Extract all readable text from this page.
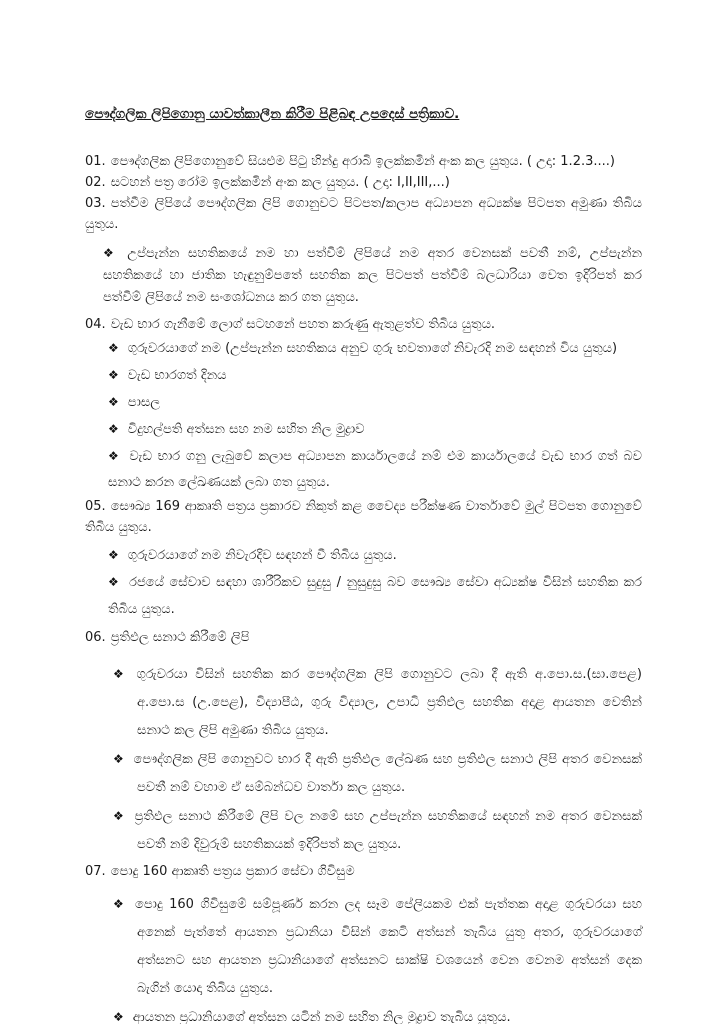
පෞද්ගලික ලිපිගොනු යාවත්කාලීන කිරීම පිළිබඳ උපදෙස් පත්‍රිකාව.

01. පෞද්ගලික ලිපිගොනුවේ සියළුම පිටු හින්දු අරාබි ඉලක්කමින් අංක කල යුතුය. ( උදා: 1.2.3....)

02. සටහන් පත්‍ර රෝම ඉලක්කමින් අංක කල යුතුය. ( උදා: I,II,III,...)

03. පත්වීම ලිපියේ පෞද්ගලික ලිපි ගොනුවට පිටපත/කලාප අධ්‍යාපන අධ්‍යක්ෂ පිටපත අමුණා තිබිය යුතුය.

❖ උප්පැන්න සහතිකයේ නම හා පත්වීම් ලිපියේ නම අතර වෙනසක් පවතී නම්, උප්පැන්න සහතිකයේ හා ජාතික හැඳුනුම්පතේ සහතික කල පිටපත් පත්වීම් බලධාරියා වෙත ඉදිරිපත් කර පත්වීම් ලිපියේ නම සංශෝධනය කර ගත යුතුය.

04. වැඩ භාර ගැනීමේ ලොග් සටහනේ පහත කරුණු ඇතුළත්ව තිබිය යුතුය.

❖ ගුරුවරයාගේ නම (උප්පැන්න සහතිකය අනුව ගුරු භවතාගේ නිවැරදි නම සඳහන් විය යුතුය)

❖ වැඩ භාරගත් දිනය

❖ පාසල

❖ විදුහල්පති අත්සන සහ නම සහිත නිල මුද්‍රාව

❖ වැඩ භාර ගනු ලැබුවේ කලාප අධ්‍යාපන කාර්යාලයේ නම් එම කාර්යාලයේ වැඩ භාර ගත් බව සනාථ කරන ලේඛණයක් ලබා ගත යුතුය.

05. සෞඛ්‍ය 169 ආකෘති පත්‍රය ප්‍රකාරව නිකුත් කළ වෛද්‍ය පරීක්ෂණ වාර්තාවේ මුල් පිටපත ගොනුවේ තිබිය යුතුය.

❖ ගුරුවරයාගේ නම නිවැරදිව සඳහන් වී තිබිය යුතුය.

❖ රජයේ සේවාව සඳහා ශාරීරිකව සුදුසු / නුසුදුසු බව සෞඛ්‍ය සේවා අධ්‍යක්ෂ විසින් සහතික කර තිබිය යුතුය.

06. ප්‍රතිඵල සනාථ කිරීමේ ලිපි

❖ ගුරුවරයා විසින් සහතික කර පෞද්ගලික ලිපි ගොනුවට ලබා දී ඇති අ.පො.ස.(සා.පෙළ) අ.පො.ස (උ.පෙළ), විද්‍යාපීඨ, ගුරු විද්‍යාල, උපාධි ප්‍රතිඵල සහතික අදාළ ආයතන වෙතින් සනාථ කල ලිපි අමුණා තිබිය යුතුය.

❖ පෞද්ගලික ලිපි ගොනුවට භාර දී ඇති ප්‍රතිඵල ලේඛණ සහ ප්‍රතිඵල සනාථ ලිපි අතර වෙනසක් පවතී නම් වහාම ඒ සම්බන්ධව වාර්තා කල යුතුය.

❖ ප්‍රතිඵල සනාථ කිරීමේ ලිපි වල නමේ සහ උප්පැන්න සහතිකයේ සඳහන් නම අතර වෙනසක් පවතී නම් දිවුරුම් සහතිකයක් ඉදිරිපත් කල යුතුය.

07. පොදු 160 ආකෘති පත්‍රය ප්‍රකාර සේවා ගිවිසුම

❖ පොදු 160 ගිවිසුමේ සම්පූර්ණ කරන ලද සෑම පේලියකම එක් පැත්තක අදාළ ගුරුවරයා සහ අනෙක් පැත්තේ ආයතන ප්‍රධානියා විසින් කෙටි අත්සන් තැබිය යුතු අතර, ගුරුවරයාගේ අත්සනට සහ ආයතන ප්‍රධානියාගේ අත්සනට සාක්ෂි වශයෙන් වෙන වෙනම අත්සන් දෙක බැගින් යොදා තිබිය යුතුය.

❖ ආයතන ප්‍රධානියාගේ අත්සන යටින් නම සහිත නිල මුද්‍රාව තැබිය යුතුය.
